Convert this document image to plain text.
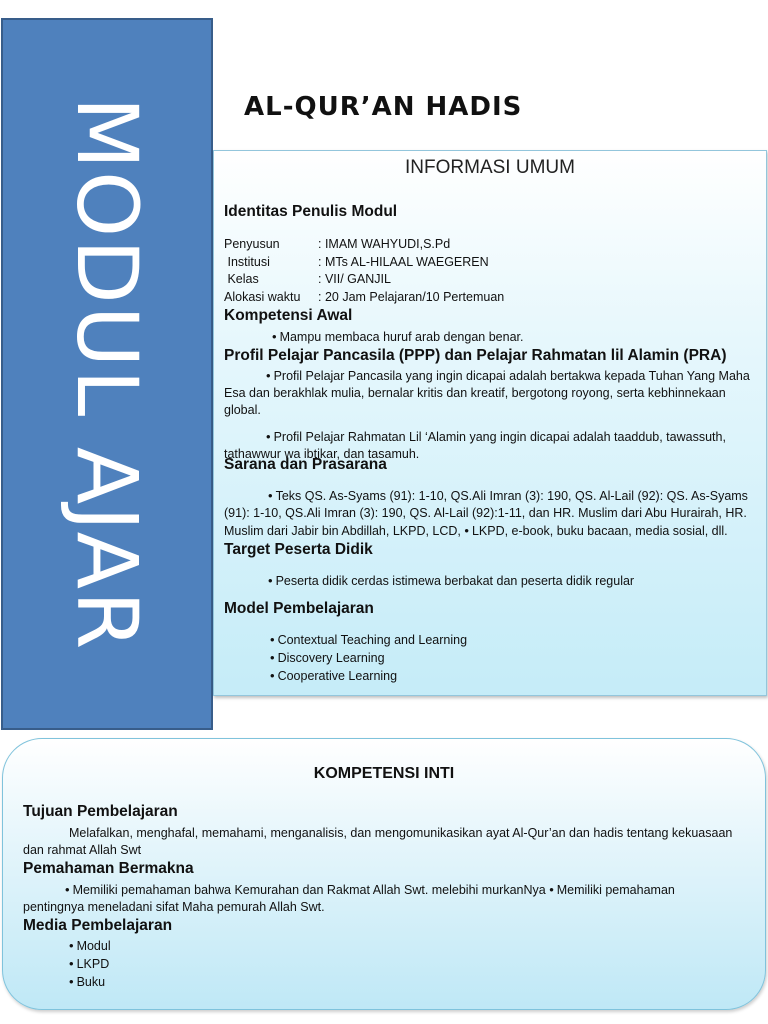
MODUL AJAR	AL-QUR’AN HADIS
INFORMASI UMUM
Identitas Penulis Modul
Penyusun	: IMAM WAHYUDI,S.Pd
Institusi	: MTs AL-HILAAL WAEGEREN
Kelas	: VII/ GANJIL
Alokasi waktu	: 20 Jam Pelajaran/10 Pertemuan
Kompetensi Awal
• Mampu membaca huruf arab dengan benar.
Profil Pelajar Pancasila (PPP) dan Pelajar Rahmatan lil Alamin (PRA)
• Profil Pelajar Pancasila yang ingin dicapai adalah bertakwa kepada Tuhan Yang Maha
Esa dan berakhlak mulia, bernalar kritis dan kreatif, bergotong royong, serta kebhinnekaan
global.
• Profil Pelajar Rahmatan Lil ‘Alamin yang ingin dicapai adalah taaddub, tawassuth,
tathawwur wa ibtikar, dan tasamuh.
Sarana dan Prasarana
• Teks QS. As-Syams (91): 1-10, QS.Ali Imran (3): 190, QS. Al-Lail (92): QS. As-Syams
(91): 1-10, QS.Ali Imran (3): 190, QS. Al-Lail (92):1-11, dan HR. Muslim dari Abu Hurairah, HR.
Muslim dari Jabir bin Abdillah, LKPD, LCD, • LKPD, e-book, buku bacaan, media sosial, dll.
Target Peserta Didik
• Peserta didik cerdas istimewa berbakat dan peserta didik regular
Model Pembelajaran
• Contextual Teaching and Learning
• Discovery Learning
• Cooperative Learning
KOMPETENSI INTI
Tujuan Pembelajaran
Melafalkan, menghafal, memahami, menganalisis, dan mengomunikasikan ayat Al-Qur’an dan hadis tentang kekuasaan
dan rahmat Allah Swt
Pemahaman Bermakna
• Memiliki pemahaman bahwa Kemurahan dan Rakmat Allah Swt. melebihi murkanNya • Memiliki pemahaman
pentingnya meneladani sifat Maha pemurah Allah Swt.
Media Pembelajaran
• Modul
• LKPD
• Buku
